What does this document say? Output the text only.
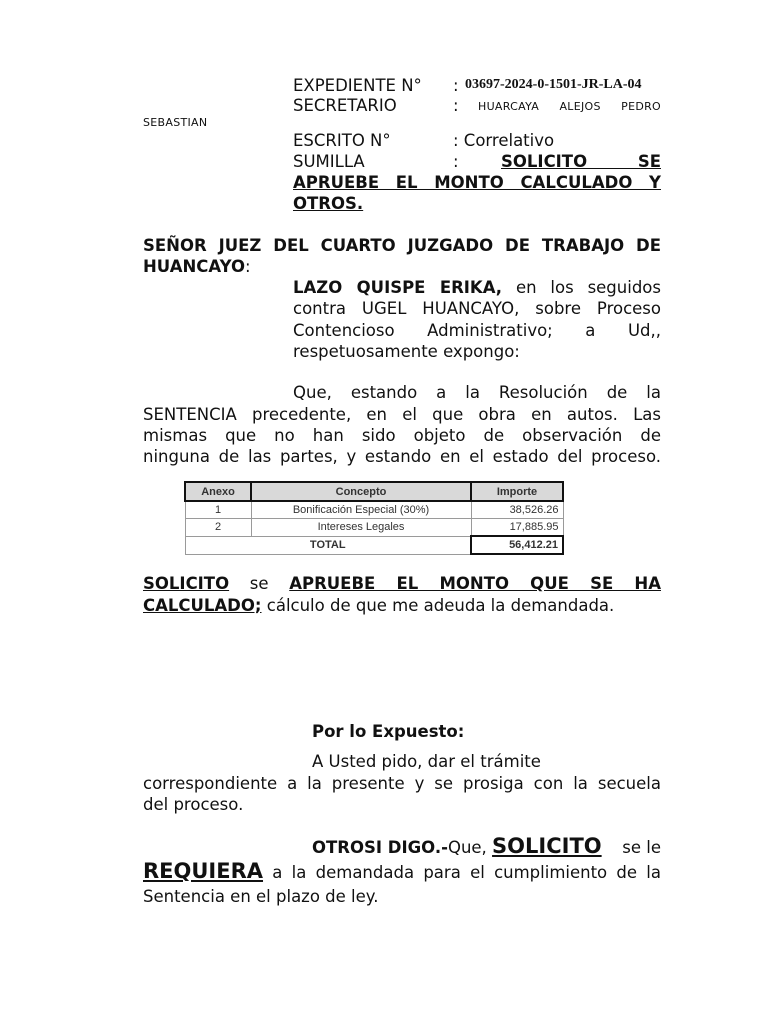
EXPEDIENTE N° : 03697-2024-0-1501-JR-LA-04
SECRETARIO	: HUARCAYA   ALEJOS   PEDRO
SEBASTIAN
ESCRITO N°	: Correlativo
SUMILLA	:	SOLICITO SE
APRUEBE EL MONTO CALCULADO Y
OTROS.
SEÑOR JUEZ DEL CUARTO JUZGADO DE TRABAJO DE
HUANCAYO:
LAZO QUISPE ERIKA, en los seguidos
contra UGEL HUANCAYO, sobre Proceso
Contencioso Administrativo; a Ud,,
respetuosamente expongo:
Que, estando a la Resolución de la
SENTENCIA precedente, en el que obra en autos. Las
mismas que no han sido objeto de observación de
ninguna de las partes, y estando en el estado del proceso.
Anexo	Concepto	Importe
1	Bonificación Especial (30%)	38,526.26
2	Intereses Legales	17,885.95
TOTAL		56,412.21
SOLICITO se APRUEBE EL MONTO QUE SE HA
CALCULADO; cálculo de que me adeuda la demandada.
Por lo Expuesto:
A Usted pido, dar el trámite
correspondiente a la presente y se prosiga con la secuela
del proceso.
OTROSI DIGO.-Que, SOLICITO se le
REQUIERA a la demandada para el cumplimiento de la
Sentencia en el plazo de ley.
